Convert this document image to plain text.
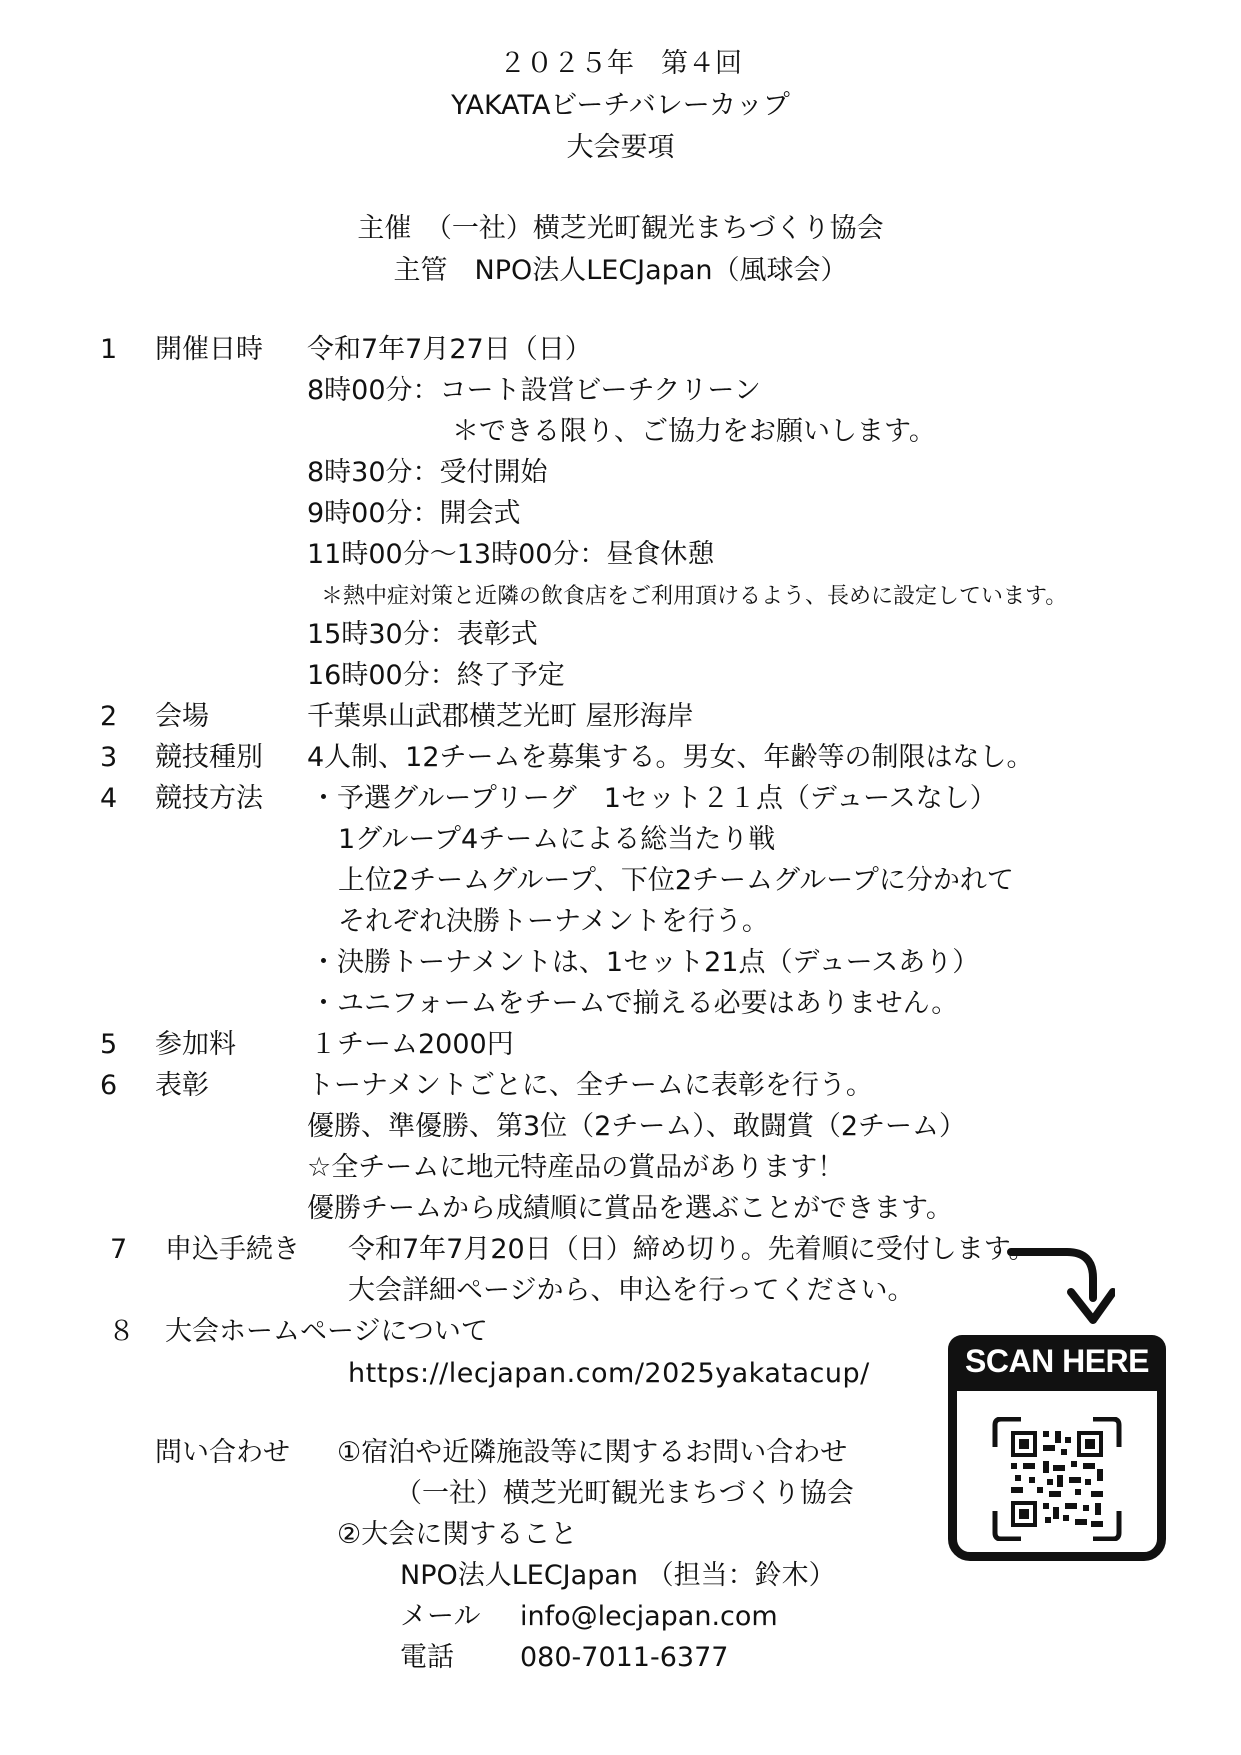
２０２５年　第４回
YAKATAビーチバレーカップ
大会要項
主催　（一社）横芝光町観光まちづくり協会
主管　NPO法人LECJapan（風球会）
1 開催日時 令和7年7月27日（日）
8時00分：コート設営ビーチクリーン
＊できる限り、ご協力をお願いします。
8時30分：受付開始
9時00分：開会式
11時00分～13時00分：昼食休憩
＊熱中症対策と近隣の飲食店をご利用頂けるよう、長めに設定しています。
15時30分：表彰式
16時00分：終了予定
2 会場	千葉県山武郡横芝光町 屋形海岸
3 競技種別 4人制、12チームを募集する。男女、年齢等の制限はなし。
4 競技方法 ・予選グループリーグ　1セット２１点（デュースなし）
1グループ4チームによる総当たり戦
上位2チームグループ、下位2チームグループに分かれて
それぞれ決勝トーナメントを行う。
・決勝トーナメントは、1セット21点（デュースあり）
・ユニフォームをチームで揃える必要はありません。
5 参加料	１チーム2000円
6 表彰	トーナメントごとに、全チームに表彰を行う。
優勝、準優勝、第3位（2チーム）、敢闘賞（2チーム）
☆全チームに地元特産品の賞品があります！
優勝チームから成績順に賞品を選ぶことができます。
7 申込手続き 令和7年7月20日（日）締め切り。先着順に受付します。
大会詳細ページから、申込を行ってください。
８ 大会ホームページについて
https://lecjapan.com/2025yakatacup/
問い合わせ ①宿泊や近隣施設等に関するお問い合わせ
（一社）横芝光町観光まちづくり協会
②大会に関すること
NPO法人LECJapan （担当：鈴木）
メール info@lecjapan.com
電話 080-7011-6377
SCAN HERE
